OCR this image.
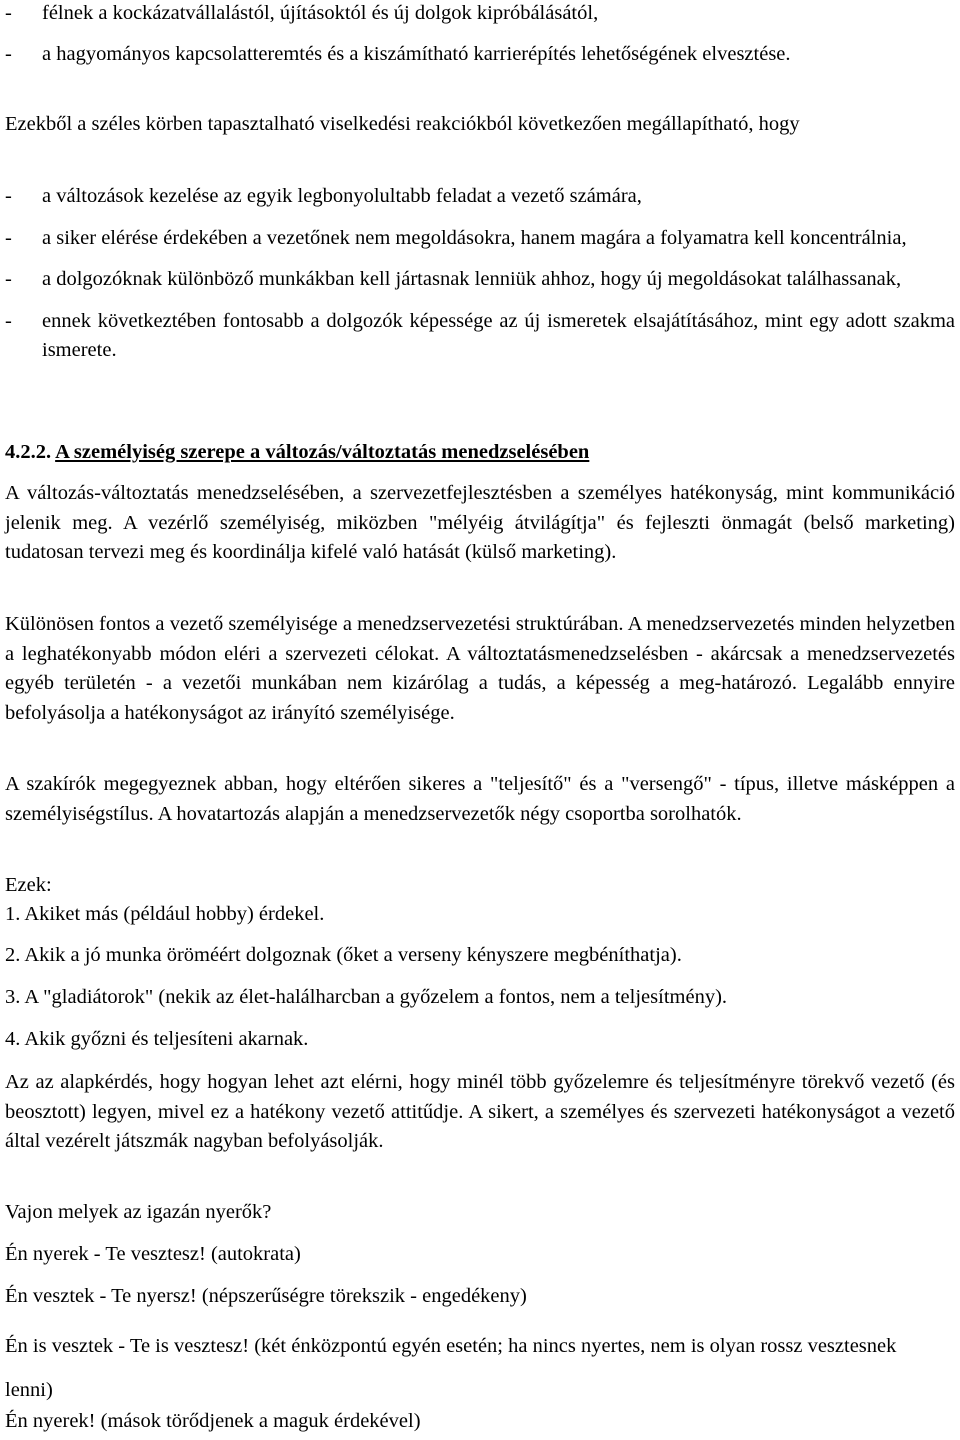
-	félnek a kockázatvállalástól, újításoktól és új dolgok kipróbálásától,
-	a hagyományos kapcsolatteremtés és a kiszámítható karrierépítés lehetőségének elvesztése.

Ezekből a széles körben tapasztalható viselkedési reakciókból következően megállapítható, hogy

-	a változások kezelése az egyik legbonyolultabb feladat a vezető számára,
-	a siker elérése érdekében a vezetőnek nem megoldásokra, hanem magára a folyamatra kell koncentrálnia,
-	a dolgozóknak különböző munkákban kell jártasnak lenniük ahhoz, hogy új megoldásokat találhassanak,
-	ennek következtében fontosabb a dolgozók képessége az új ismeretek elsajátításához, mint egy adott szakma ismerete.
4.2.2. A személyiség szerepe a változás/változtatás menedzselésében

A változás-változtatás menedzselésében, a szervezetfejlesztésben a személyes hatékonyság, mint kommunikáció jelenik meg. A vezérlő személyiség, miközben "mélyéig átvilágítja" és fejleszti önmagát (belső marketing) tudatosan tervezi meg és koordinálja kifelé való hatását (külső marketing).

Különösen fontos a vezető személyisége a menedzservezetési struktúrában. A menedzservezetés minden helyzetben a leghatékonyabb módon eléri a szervezeti célokat. A változtatásmenedzselésben - akárcsak a menedzservezetés egyéb területén - a vezetői munkában nem kizárólag a tudás, a képesség a meg-határozó. Legalább ennyire befolyásolja a hatékonyságot az irányító személyisége.

A szakírók megegyeznek abban, hogy eltérően sikeres a "teljesítő" és a "versengő" - típus, illetve másképpen a személyiségstílus. A hovatartozás alapján a menedzservezetők négy csoportba sorolhatók.

Ezek:

1. Akiket más (például hobby) érdekel.

2. Akik a jó munka öröméért dolgoznak (őket a verseny kényszere megbéníthatja).

3. A "gladiátorok" (nekik az élet-halálharcban a győzelem a fontos, nem a teljesítmény).

4. Akik győzni és teljesíteni akarnak.

Az az alapkérdés, hogy hogyan lehet azt elérni, hogy minél több győzelemre és teljesítményre törekvő vezető (és beosztott) legyen, mivel ez a hatékony vezető attitűdje. A sikert, a személyes és szervezeti hatékonyságot a vezető által vezérelt játszmák nagyban befolyásolják.

Vajon melyek az igazán nyerők?

Én nyerek - Te vesztesz! (autokrata)

Én vesztek - Te nyersz! (népszerűségre törekszik - engedékeny)

Én is vesztek - Te is vesztesz! (két énközpontú egyén esetén; ha nincs nyertes, nem is olyan rossz vesztesnek lenni)

Én nyerek! (mások törődjenek a maguk érdekével)
